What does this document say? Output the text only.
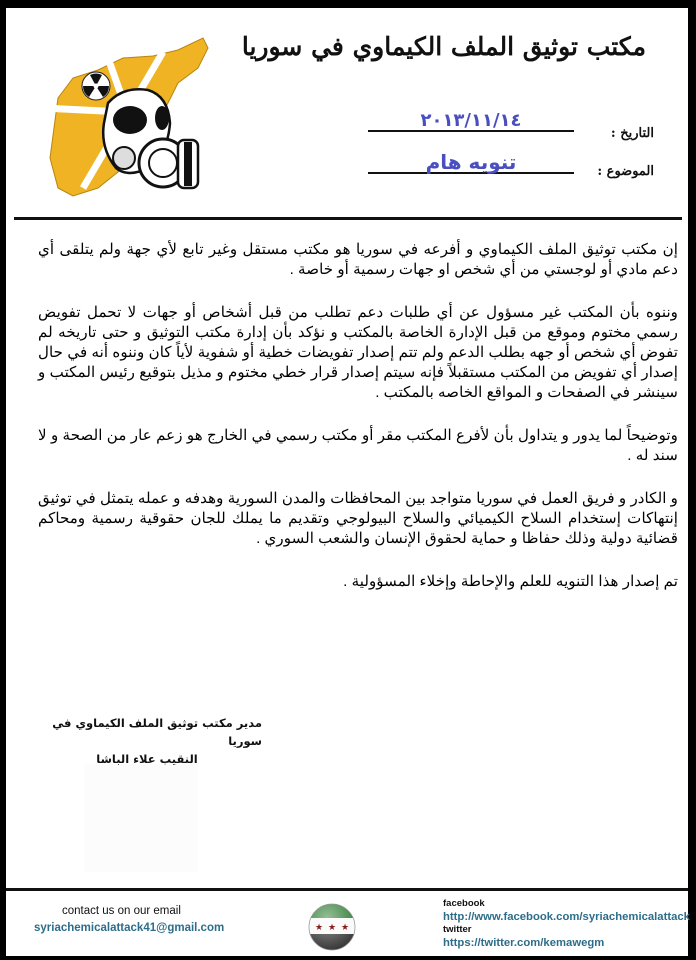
مكتب توثيق الملف الكيماوي في سوريا
التاريخ :
٢٠١٣/١١/١٤
الموضوع :
تنويه هام

إن مكتب توثيق الملف الكيماوي و أفرعه في سوريا هو مكتب مستقل وغير تابع لأي جهة ولم يتلقى أي دعم مادي أو لوجستي من أي شخص او جهات رسمية أو خاصة .

وننوه بأن المكتب غير مسؤول عن أي طلبات دعم تطلب من قبل أشخاص أو جهات لا تحمل تفويض رسمي مختوم وموقع من قبل الإدارة الخاصة بالمكتب و نؤكد بأن إدارة مكتب التوثيق و حتى تاريخه لم تفوض أي شخص أو جهه بطلب الدعم ولم تتم إصدار تفويضات خطية أو شفوية لأياً كان وننوه أنه في حال إصدار أي تفويض من المكتب مستقبلاً فإنه سيتم إصدار قرار خطي مختوم و مذيل بتوقيع رئيس المكتب و سينشر في الصفحات و المواقع الخاصه بالمكتب .

وتوضيحاً لما يدور و يتداول بأن لأفرع المكتب مقر أو مكتب رسمي في الخارج هو زعم عار من الصحة و لا سند له .

و الكادر و فريق العمل في سوريا متواجد بين المحافظات والمدن السورية وهدفه و عمله يتمثل في توثيق إنتهاكات إستخدام السلاح الكيميائي والسلاح البيولوجي وتقديم ما يملك للجان حقوقية رسمية ومحاكم قضائية دولية وذلك حفاظا و حماية لحقوق الإنسان والشعب السوري .

تم إصدار هذا التنويه للعلم والإحاطة وإخلاء المسؤولية .

مدير مكتب توثيق الملف الكيماوي في سوريا
النقيب علاء الباشا
contact us on our email
syriachemicalattack41@gmail.com	★ ★ ★
facebook
http://www.facebook.com/syriachemicalattack
twitter
https://twitter.com/kemawegm
